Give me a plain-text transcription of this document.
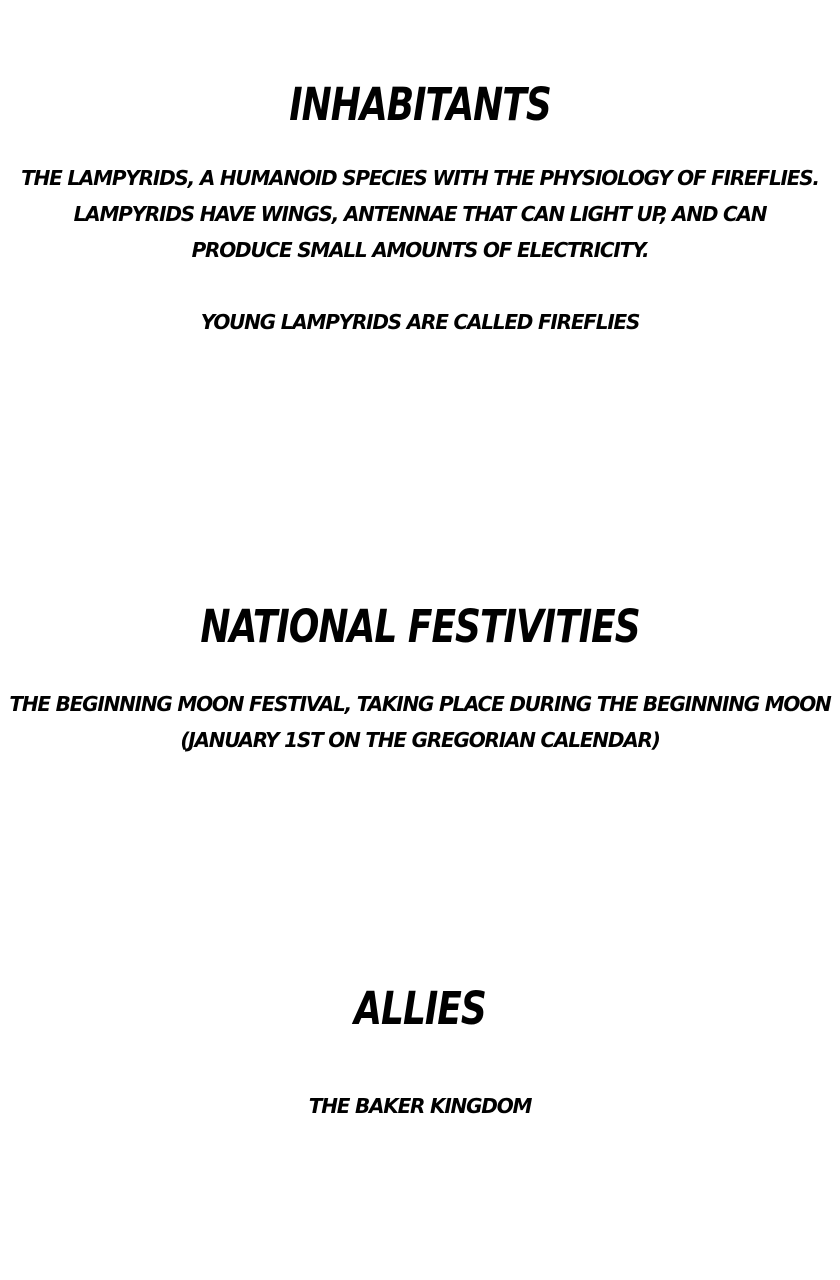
INHABITANTS

THE LAMPYRIDS, A HUMANOID SPECIES WITH THE PHYSIOLOGY OF FIREFLIES.
LAMPYRIDS HAVE WINGS, ANTENNAE THAT CAN LIGHT UP, AND CAN
PRODUCE SMALL AMOUNTS OF ELECTRICITY.

YOUNG LAMPYRIDS ARE CALLED FIREFLIES

NATIONAL FESTIVITIES

THE BEGINNING MOON FESTIVAL, TAKING PLACE DURING THE BEGINNING MOON
(JANUARY 1ST ON THE GREGORIAN CALENDAR)

ALLIES

THE BAKER KINGDOM
